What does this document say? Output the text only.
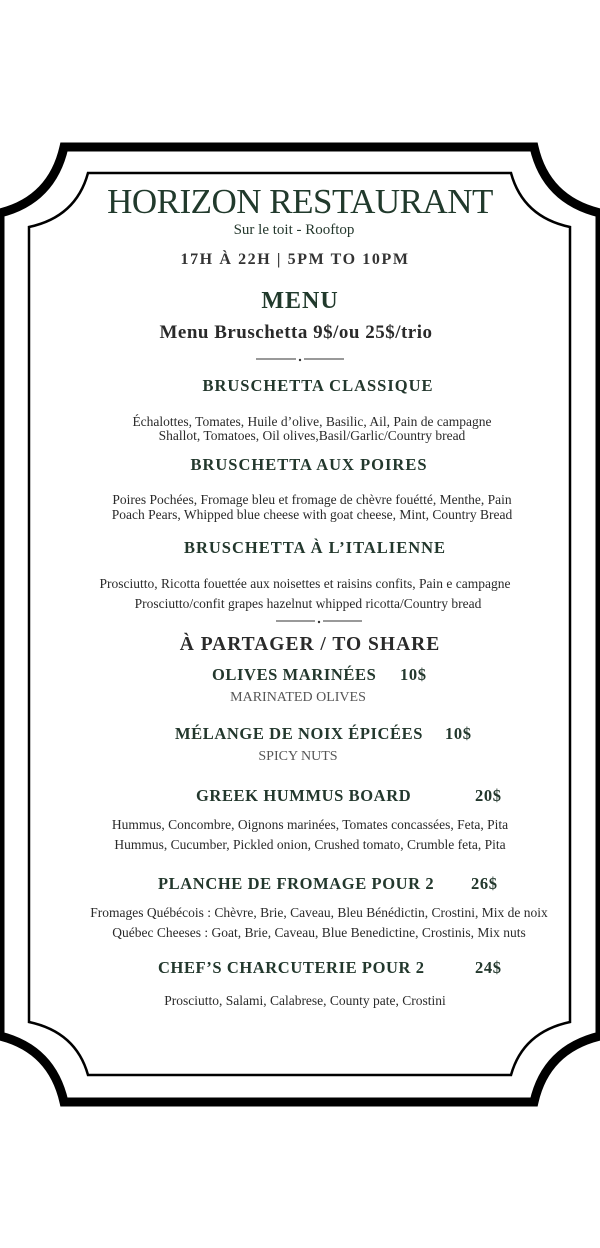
HORIZON RESTAURANT
Sur le toit - Rooftop
17H À 22H | 5PM TO 10PM
MENU
Menu Bruschetta 9$/ou 25$/trio
BRUSCHETTA CLASSIQUE
Échalottes, Tomates, Huile d’olive, Basilic, Ail, Pain de campagne
Shallot, Tomatoes, Oil olives,Basil/Garlic/Country bread
BRUSCHETTA AUX POIRES
Poires Pochées, Fromage bleu et fromage de chèvre fouétté, Menthe, Pain
Poach Pears, Whipped blue cheese with goat cheese, Mint, Country Bread
BRUSCHETTA À L’ITALIENNE
Prosciutto, Ricotta fouettée aux noisettes et raisins confits, Pain e campagne
Prosciutto/confit grapes hazelnut whipped ricotta/Country bread
À PARTAGER / TO SHARE
OLIVES MARINÉES 10$
MARINATED OLIVES
MÉLANGE DE NOIX ÉPICÉES 10$
SPICY NUTS
GREEK HUMMUS BOARD	20$
Hummus, Concombre, Oignons marinées, Tomates concassées, Feta, Pita
Hummus, Cucumber, Pickled onion, Crushed tomato, Crumble feta, Pita
PLANCHE DE FROMAGE POUR 2 26$
Fromages Québécois : Chèvre, Brie, Caveau, Bleu Bénédictin, Crostini, Mix de noix
Québec Cheeses : Goat, Brie, Caveau, Blue Benedictine, Crostinis, Mix nuts
CHEF’S CHARCUTERIE POUR 2	24$
Prosciutto, Salami, Calabrese, County pate, Crostini
